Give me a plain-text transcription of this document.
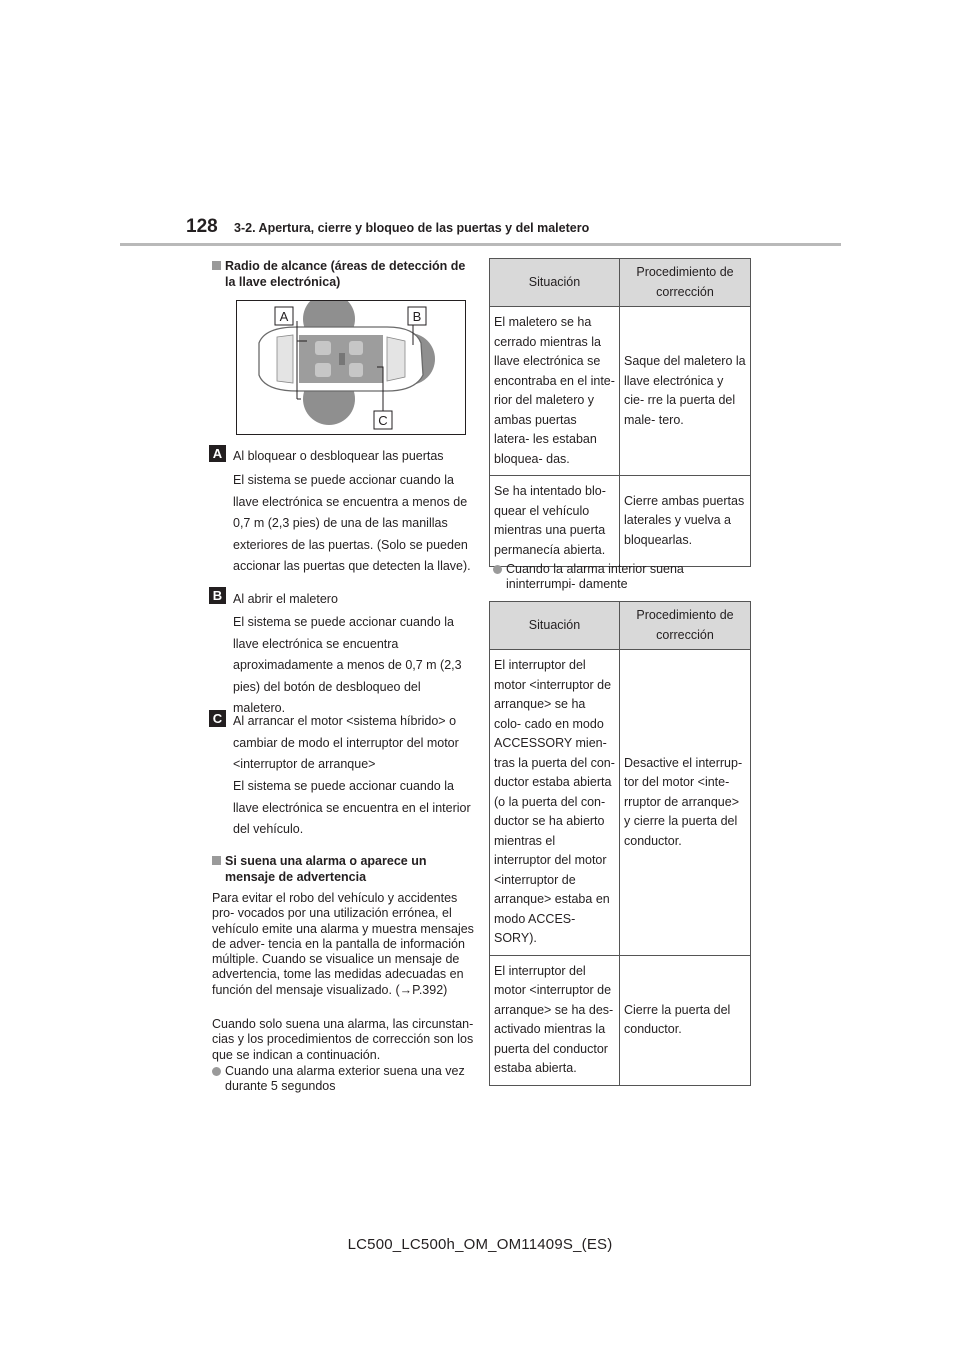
128 3-2. Apertura, cierre y bloqueo de las puertas y del maletero
Radio de alcance (áreas de detección de la llave electrónica)
A	B
C
A Al bloquear o desbloquear las puertas
El sistema se puede accionar cuando la llave electrónica se encuentra a menos de 0,7 m (2,3 pies) de una de las manillas exteriores de las puertas. (Solo se pueden accionar las puertas que detecten la llave).
B Al abrir el maletero
El sistema se puede accionar cuando la llave electrónica se encuentra aproximadamente a menos de 0,7 m (2,3 pies) del botón de desbloqueo del maletero.
C Al arrancar el motor <sistema híbrido> o cambiar de modo el interruptor del motor <interruptor de arranque>
El sistema se puede accionar cuando la llave electrónica se encuentra en el interior del vehículo.
Si suena una alarma o aparece un mensaje de advertencia
Para evitar el robo del vehículo y accidentes pro- vocados por una utilización errónea, el vehículo emite una alarma y muestra mensajes de adver- tencia en la pantalla de información múltiple. Cuando se visualice un mensaje de advertencia, tome las medidas adecuadas en función del mensaje visualizado. (→P.392)
Cuando solo suena una alarma, las circunstan- cias y los procedimientos de corrección son los que se indican a continuación.
Cuando una alarma exterior suena una vez durante 5 segundos
Situación	Procedimiento de corrección
El maletero se ha cerrado mientras la llave electrónica se encontraba en el inte- rior del maletero y ambas puertas latera- les estaban bloquea- das.	Saque del maletero la llave electrónica y cie- rre la puerta del male- tero.
Se ha intentado blo- quear el vehículo mientras una puerta permanecía abierta.	Cierre ambas puertas laterales y vuelva a bloquearlas.
Cuando la alarma interior suena ininterrumpi- damente
Situación	Procedimiento de corrección
El interruptor del motor <interruptor de arranque> se ha colo- cado en modo ACCESSORY mien- tras la puerta del con- ductor estaba abierta (o la puerta del con- ductor se ha abierto mientras el interruptor del motor <interruptor de arranque> estaba en modo ACCES- SORY).	Desactive el interrup- tor del motor <inte- rruptor de arranque> y cierre la puerta del conductor.
El interruptor del motor <interruptor de arranque> se ha des- activado mientras la puerta del conductor estaba abierta.	Cierre la puerta del conductor.
LC500_LC500h_OM_OM11409S_(ES)
